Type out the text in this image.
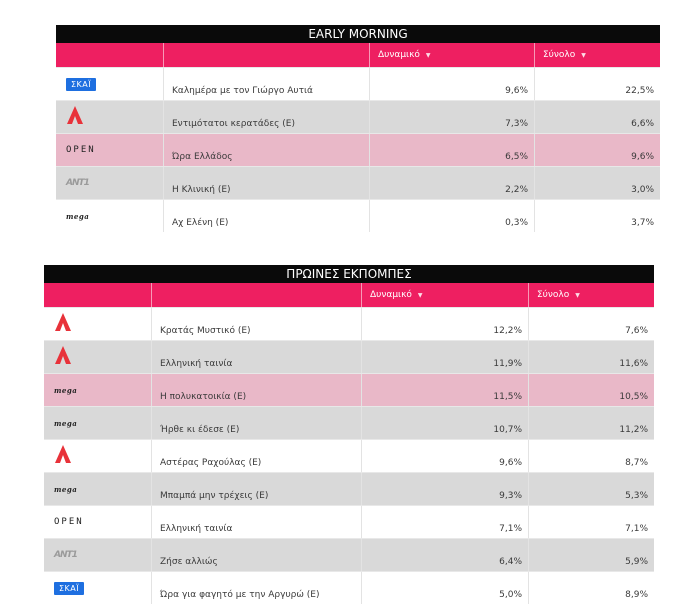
EARLY MORNING
Δυναμικό ▼	Σύνολο ▼
ΣΚΑΪ
Καλημέρα με τον Γιώργο Αυτιά	9,6%	22,5%
Εντιμότατοι κερατάδες (Ε)	7,3%	6,6%
ΟΡΕΝ
Ώρα Ελλάδος	6,5%	9,6%
ANT1
Η Κλινική (Ε)	2,2%	3,0%
mega
Αχ Ελένη (Ε)	0,3%	3,7%
ΠΡΩΙΝΕΣ ΕΚΠΟΜΠΕΣ
Δυναμικό ▼	Σύνολο ▼
Κρατάς Μυστικό (Ε)	12,2%	7,6%
Ελληνική ταινία	11,9%	11,6%
mega
Η πολυκατοικία (Ε)	11,5%	10,5%
mega
Ήρθε κι έδεσε (Ε)	10,7%	11,2%
Αστέρας Ραχούλας (Ε)	9,6%	8,7%
mega
Μπαμπά μην τρέχεις (Ε)	9,3%	5,3%
ΟΡΕΝ
Ελληνική ταινία	7,1%	7,1%
ANT1
Ζήσε αλλιώς	6,4%	5,9%
ΣΚΑΪ
Ώρα για φαγητό με την Αργυρώ (Ε)	5,0%	8,9%
